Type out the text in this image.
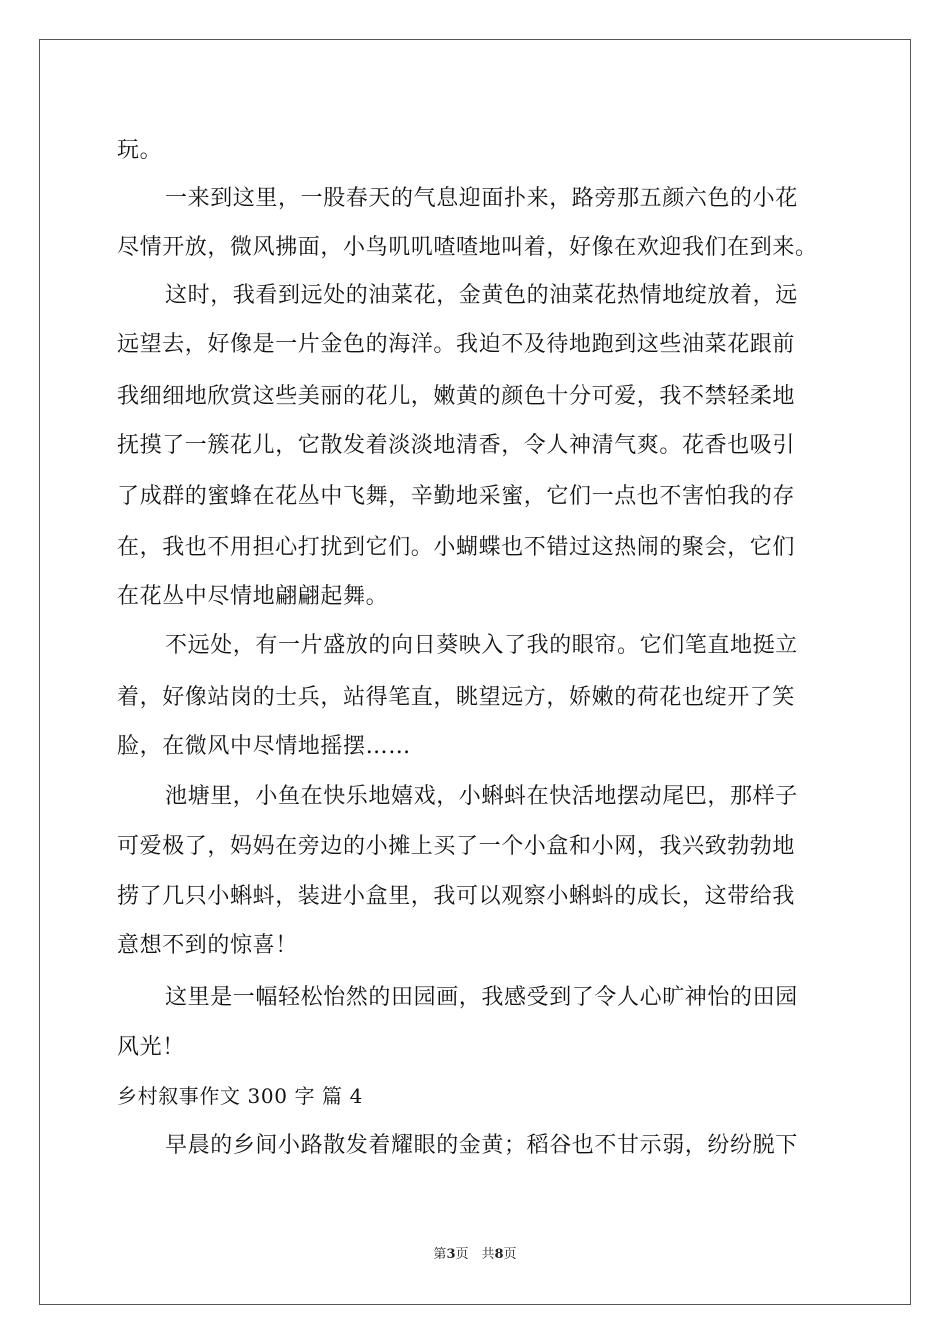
玩。
一来到这里，一股春天的气息迎面扑来，路旁那五颜六色的小花
尽情开放，微风拂面，小鸟叽叽喳喳地叫着，好像在欢迎我们在到来。
这时，我看到远处的油菜花，金黄色的油菜花热情地绽放着，远
远望去，好像是一片金色的海洋。我迫不及待地跑到这些油菜花跟前
我细细地欣赏这些美丽的花儿，嫩黄的颜色十分可爱，我不禁轻柔地
抚摸了一簇花儿，它散发着淡淡地清香，令人神清气爽。花香也吸引
了成群的蜜蜂在花丛中飞舞，辛勤地采蜜，它们一点也不害怕我的存
在，我也不用担心打扰到它们。小蝴蝶也不错过这热闹的聚会，它们
在花丛中尽情地翩翩起舞。
不远处，有一片盛放的向日葵映入了我的眼帘。它们笔直地挺立
着，好像站岗的士兵，站得笔直，眺望远方，娇嫩的荷花也绽开了笑
脸，在微风中尽情地摇摆……
池塘里，小鱼在快乐地嬉戏，小蝌蚪在快活地摆动尾巴，那样子
可爱极了，妈妈在旁边的小摊上买了一个小盒和小网，我兴致勃勃地
捞了几只小蝌蚪，装进小盒里，我可以观察小蝌蚪的成长，这带给我
意想不到的惊喜！
这里是一幅轻松怡然的田园画，我感受到了令人心旷神怡的田园
风光！
乡村叙事作文 300 字 篇 4
早晨的乡间小路散发着耀眼的金黄；稻谷也不甘示弱，纷纷脱下
第3页　共8页
